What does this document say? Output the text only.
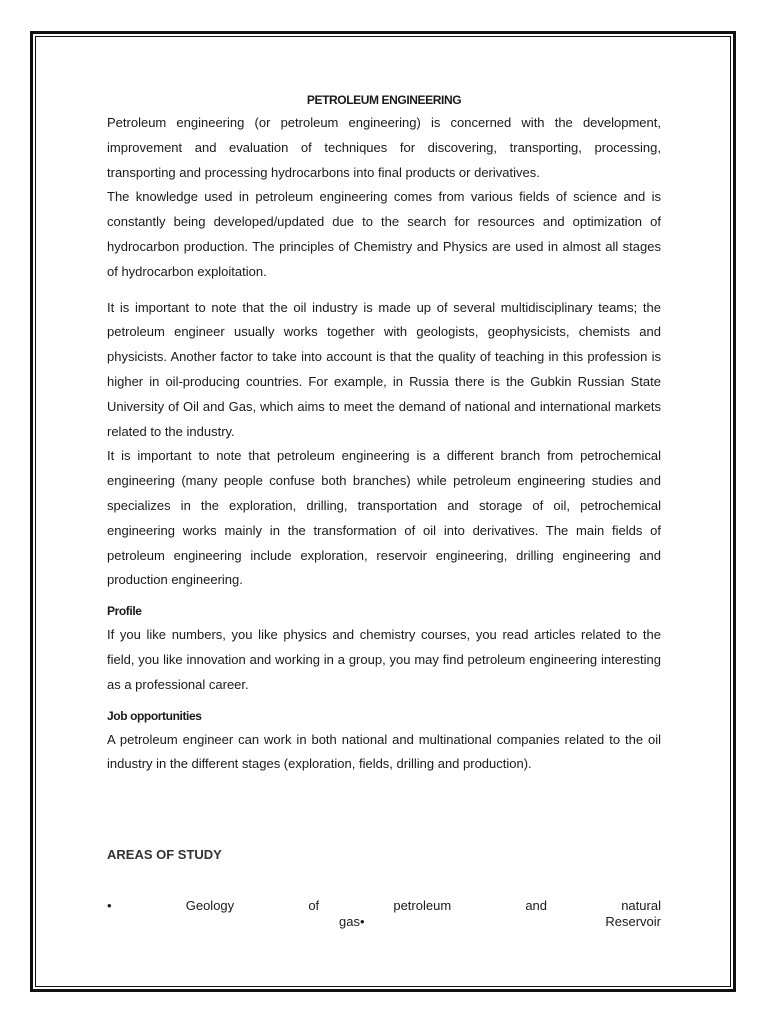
PETROLEUM ENGINEERING

Petroleum engineering (or petroleum engineering) is concerned with the development, improvement and evaluation of techniques for discovering, transporting, processing, transporting and processing hydrocarbons into final products or derivatives.

The knowledge used in petroleum engineering comes from various fields of science and is constantly being developed/updated due to the search for resources and optimization of hydrocarbon production. The principles of Chemistry and Physics are used in almost all stages of hydrocarbon exploitation.

It is important to note that the oil industry is made up of several multidisciplinary teams; the petroleum engineer usually works together with geologists, geophysicists, chemists and physicists. Another factor to take into account is that the quality of teaching in this profession is higher in oil-producing countries. For example, in Russia there is the Gubkin Russian State University of Oil and Gas, which aims to meet the demand of national and international markets related to the industry.

It is important to note that petroleum engineering is a different branch from petrochemical engineering (many people confuse both branches) while petroleum engineering studies and specializes in the exploration, drilling, transportation and storage of oil, petrochemical engineering works mainly in the transformation of oil into derivatives. The main fields of petroleum engineering include exploration, reservoir engineering, drilling engineering and production engineering.

Profile

If you like numbers, you like physics and chemistry courses, you read articles related to the field, you like innovation and working in a group, you may find petroleum engineering interesting as a professional career.

Job opportunities

A petroleum engineer can work in both national and multinational companies related to the oil industry in the different stages (exploration, fields, drilling and production).

AREAS OF STUDY
•	Geology	of	petroleum	and	natural
gas•	Reservoir
